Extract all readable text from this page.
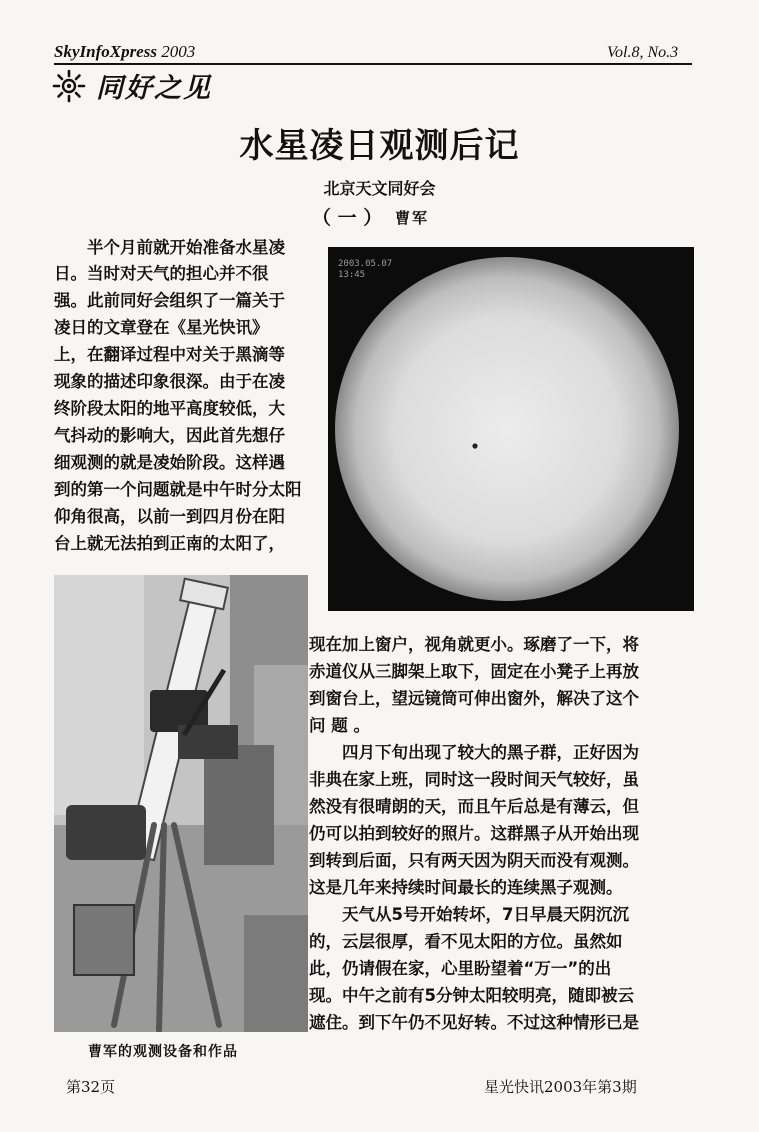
SkyInfoXpress 2003	Vol.8, No.3
同好之见
水星凌日观测后记
北京天文同好会
（ 一 ） 曹军
　　半个月前就开始准备水星凌
日。当时对天气的担心并不很
强。此前同好会组织了一篇关于
凌日的文章登在《星光快讯》
上，在翻译过程中对关于黑滴等
现象的描述印象很深。由于在凌
终阶段太阳的地平高度较低，大
气抖动的影响大，因此首先想仔
细观测的就是凌始阶段。这样遇
到的第一个问题就是中午时分太阳
仰角很高，以前一到四月份在阳
台上就无法拍到正南的太阳了，
2003.05.07
13:45
现在加上窗户，视角就更小。琢磨了一下，将
赤道仪从三脚架上取下，固定在小凳子上再放
到窗台上，望远镜筒可伸出窗外，解决了这个
问 题 。
　　四月下旬出现了较大的黑子群，正好因为
非典在家上班，同时这一段时间天气较好，虽
然没有很晴朗的天，而且午后总是有薄云，但
仍可以拍到较好的照片。这群黑子从开始出现
到转到后面，只有两天因为阴天而没有观测。
这是几年来持续时间最长的连续黑子观测。
　　天气从5号开始转坏，7日早晨天阴沉沉
的，云层很厚，看不见太阳的方位。虽然如
此，仍请假在家，心里盼望着“万一”的出
现。中午之前有5分钟太阳较明亮，随即被云
遮住。到下午仍不见好转。不过这种情形已是
曹军的观测设备和作品
第32页	星光快讯2003年第3期
